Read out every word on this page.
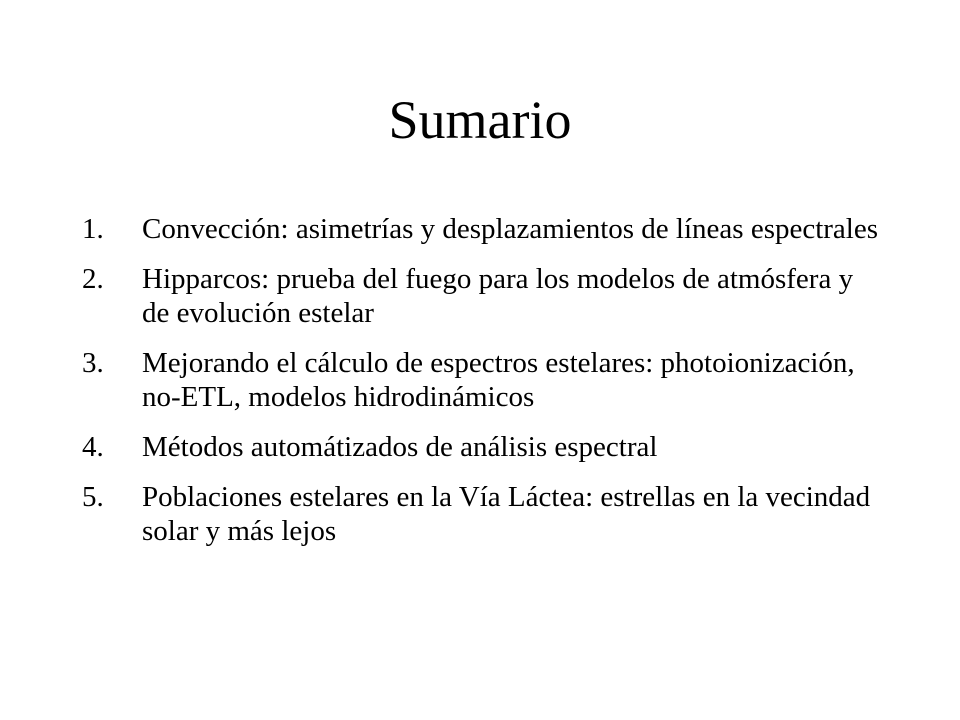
Sumario
1. Convección: asimetrías y desplazamientos de líneas espectrales
2. Hipparcos: prueba del fuego para los modelos de atmósfera y de evolución estelar
3. Mejorando el cálculo de espectros estelares: photoionización, no-ETL, modelos hidrodinámicos
4. Métodos automátizados de análisis espectral
5. Poblaciones estelares en la Vía Láctea: estrellas en la vecindad solar y más lejos
